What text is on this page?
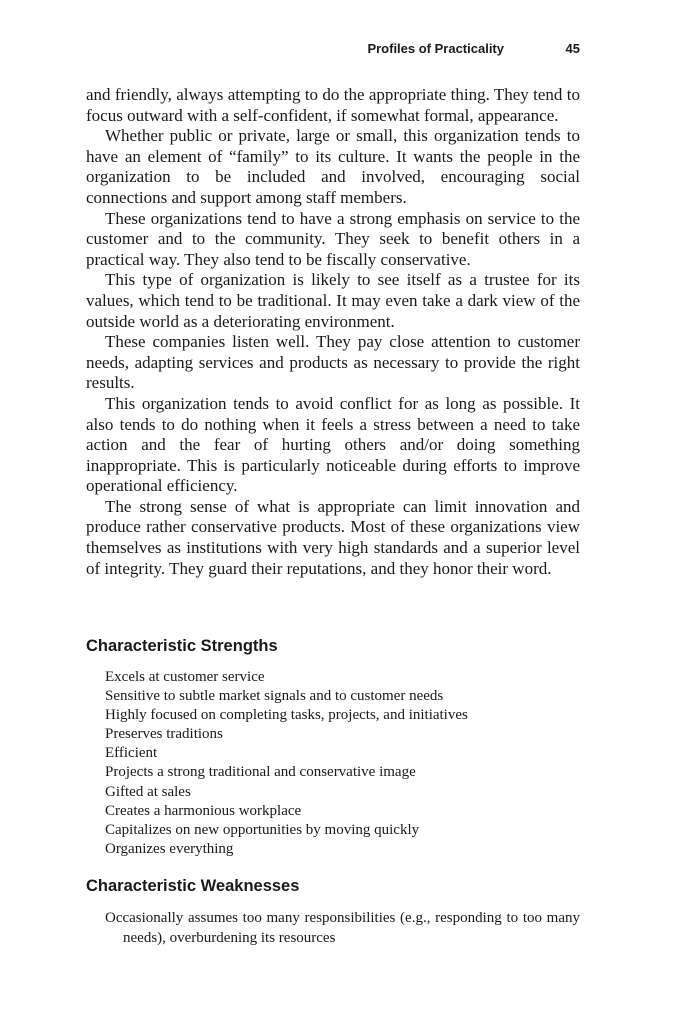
Profiles of Practicality	45

and friendly, always attempting to do the appropriate thing. They tend to focus outward with a self-confident, if somewhat formal, appearance.

Whether public or private, large or small, this organization tends to have an element of “family” to its culture. It wants the people in the organization to be included and involved, encouraging social connections and support among staff members.

These organizations tend to have a strong emphasis on service to the customer and to the community. They seek to benefit others in a practical way. They also tend to be fiscally conservative.

This type of organization is likely to see itself as a trustee for its values, which tend to be traditional. It may even take a dark view of the outside world as a deteriorating environment.

These companies listen well. They pay close attention to customer needs, adapting services and products as necessary to provide the right results.

This organization tends to avoid conflict for as long as possible. It also tends to do nothing when it feels a stress between a need to take action and the fear of hurting others and/or doing something inappropriate. This is particularly noticeable during efforts to improve operational efficiency.

The strong sense of what is appropriate can limit innovation and produce rather conservative products. Most of these organizations view themselves as institutions with very high standards and a superior level of integrity. They guard their reputations, and they honor their word.

Characteristic Strengths
Excels at customer service
Sensitive to subtle market signals and to customer needs
Highly focused on completing tasks, projects, and initiatives
Preserves traditions
Efficient
Projects a strong traditional and conservative image
Gifted at sales
Creates a harmonious workplace
Capitalizes on new opportunities by moving quickly
Organizes everything
Characteristic Weaknesses
Occasionally assumes too many responsibilities (e.g., responding to too many needs), overburdening its resources
